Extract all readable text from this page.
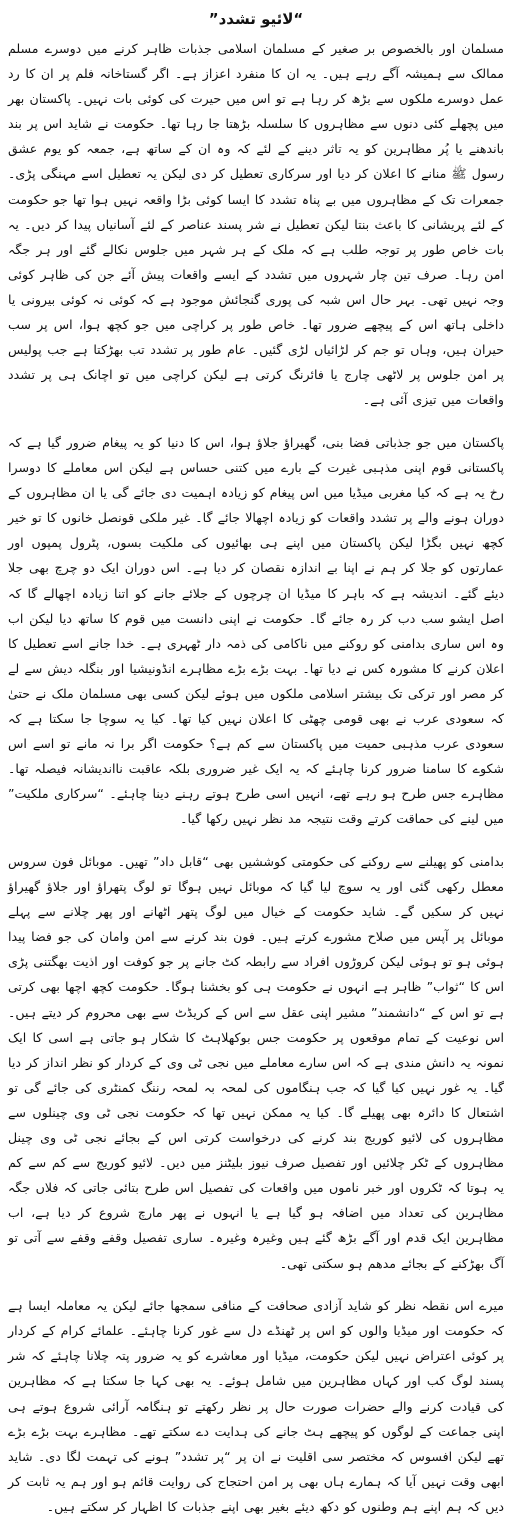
“لائیو تشدد”

مسلمان اور بالخصوص بر صغیر کے مسلمان اسلامی جذبات ظاہر کرنے میں دوسرے مسلم ممالک سے ہمیشہ آگے رہے ہیں۔ یہ ان کا منفرد اعزاز ہے۔ اگر گستاخانہ فلم پر ان کا رد عمل دوسرے ملکوں سے بڑھ کر رہا ہے تو اس میں حیرت کی کوئی بات نہیں۔ پاکستان بھر میں پچھلے کئی دنوں سے مظاہروں کا سلسلہ بڑھتا جا رہا تھا۔ حکومت نے شاید اس پر بند باندھنے یا پُر مظاہرین کو یہ تاثر دینے کے لئے کہ وہ ان کے ساتھ ہے، جمعہ کو یوم عشق رسول ﷺ منانے کا اعلان کر دیا اور سرکاری تعطیل کر دی لیکن یہ تعطیل اسے مہنگی پڑی۔ جمعرات تک کے مظاہروں میں بے پناہ تشدد کا ایسا کوئی بڑا واقعہ نہیں ہوا تھا جو حکومت کے لئے پریشانی کا باعث بنتا لیکن تعطیل نے شر پسند عناصر کے لئے آسانیاں پیدا کر دیں۔ یہ بات خاص طور پر توجہ طلب ہے کہ ملک کے ہر شہر میں جلوس نکالے گئے اور ہر جگہ امن رہا۔ صرف تین چار شہروں میں تشدد کے ایسے واقعات پیش آئے جن کی ظاہر کوئی وجہ نہیں تھی۔ بہر حال اس شبہ کی پوری گنجائش موجود ہے کہ کوئی نہ کوئی بیرونی یا داخلی ہاتھ اس کے پیچھے ضرور تھا۔ خاص طور پر کراچی میں جو کچھ ہوا، اس پر سب حیران ہیں، وہاں تو جم کر لڑائیاں لڑی گئیں۔ عام طور پر تشدد تب بھڑکتا ہے جب پولیس پر امن جلوس پر لاٹھی چارج یا فائرنگ کرتی ہے لیکن کراچی میں تو اچانک ہی پر تشدد واقعات میں تیزی آئی ہے۔

پاکستان میں جو جذباتی فضا بنی، گھیراؤ جلاؤ ہوا، اس کا دنیا کو یہ پیغام ضرور گیا ہے کہ پاکستانی قوم اپنی مذہبی غیرت کے بارے میں کتنی حساس ہے لیکن اس معاملے کا دوسرا رخ یہ ہے کہ کیا مغربی میڈیا میں اس پیغام کو زیادہ اہمیت دی جائے گی یا ان مظاہروں کے دوران ہونے والے پر تشدد واقعات کو زیادہ اچھالا جائے گا۔ غیر ملکی قونصل خانوں کا تو خیر کچھ نہیں بگڑا لیکن پاکستان میں اپنے ہی بھائیوں کی ملکیت بسوں، پٹرول پمپوں اور عمارتوں کو جلا کر ہم نے اپنا بے اندازہ نقصان کر دیا ہے۔ اس دوران ایک دو چرچ بھی جلا دیئے گئے۔ اندیشہ ہے کہ باہر کا میڈیا ان چرچوں کے جلائے جانے کو اتنا زیادہ اچھالے گا کہ اصل ایشو سب دب کر رہ جائے گا۔ حکومت نے اپنی دانست میں قوم کا ساتھ دیا لیکن اب وہ اس ساری بدامنی کو روکنے میں ناکامی کی ذمہ دار ٹھہری ہے۔ خدا جانے اسے تعطیل کا اعلان کرنے کا مشورہ کس نے دیا تھا۔ بہت بڑے بڑے مظاہرے انڈونیشیا اور بنگلہ دیش سے لے کر مصر اور ترکی تک بیشتر اسلامی ملکوں میں ہوئے لیکن کسی بھی مسلمان ملک نے حتیٰ کہ سعودی عرب نے بھی قومی چھٹی کا اعلان نہیں کیا تھا۔ کیا یہ سوچا جا سکتا ہے کہ سعودی عرب مذہبی حمیت میں پاکستان سے کم ہے؟ حکومت اگر برا نہ مانے تو اسے اس شکوے کا سامنا ضرور کرنا چاہئے کہ یہ ایک غیر ضروری بلکہ عاقبت نااندیشانہ فیصلہ تھا۔ مظاہرے جس طرح ہو رہے تھے، انہیں اسی طرح ہوتے رہنے دینا چاہئے۔ “سرکاری ملکیت” میں لینے کی حماقت کرتے وقت نتیجہ مد نظر نہیں رکھا گیا۔

بدامنی کو پھیلنے سے روکنے کی حکومتی کوششیں بھی “قابل داد” تھیں۔ موبائل فون سروس معطل رکھی گئی اور یہ سوچ لیا گیا کہ موبائل نہیں ہوگا تو لوگ پتھراؤ اور جلاؤ گھیراؤ نہیں کر سکیں گے۔ شاید حکومت کے خیال میں لوگ پتھر اٹھانے اور پھر چلانے سے پہلے موبائل پر آپس میں صلاح مشورے کرتے ہیں۔ فون بند کرنے سے امن وامان کی جو فضا پیدا ہوئی ہو تو ہوئی لیکن کروڑوں افراد سے رابطہ کٹ جانے پر جو کوفت اور اذیت بھگتنی پڑی اس کا “ثواب” ظاہر ہے انہوں نے حکومت ہی کو بخشنا ہوگا۔ حکومت کچھ اچھا بھی کرتی ہے تو اس کے “دانشمند” مشیر اپنی عقل سے اس کے کریڈٹ سے بھی محروم کر دیتے ہیں۔ اس نوعیت کے تمام موقعوں پر حکومت جس بوکھلاہٹ کا شکار ہو جاتی ہے اسی کا ایک نمونہ یہ دانش مندی ہے کہ اس سارے معاملے میں نجی ٹی وی کے کردار کو نظر انداز کر دیا گیا۔ یہ غور نہیں کیا گیا کہ جب ہنگاموں کی لمحہ بہ لمحہ رننگ کمنٹری کی جائے گی تو اشتعال کا دائرہ بھی پھیلے گا۔ کیا یہ ممکن نہیں تھا کہ حکومت نجی ٹی وی چینلوں سے مظاہروں کی لائیو کوریج بند کرنے کی درخواست کرتی اس کے بجائے نجی ٹی وی چینل مظاہروں کے ٹکر چلائیں اور تفصیل صرف نیوز بلیٹنز میں دیں۔ لائیو کوریج سے کم سے کم یہ ہوتا کہ ٹکروں اور خبر ناموں میں واقعات کی تفصیل اس طرح بتائی جاتی کہ فلاں جگہ مظاہرین کی تعداد میں اضافہ ہو گیا ہے یا انہوں نے پھر مارچ شروع کر دیا ہے، اب مظاہرین ایک قدم اور آگے بڑھ گئے ہیں وغیرہ وغیرہ۔ ساری تفصیل وقفے وقفے سے آتی تو آگ بھڑکنے کے بجائے مدھم ہو سکتی تھی۔

میرے اس نقطہ نظر کو شاید آزادی صحافت کے منافی سمجھا جائے لیکن یہ معاملہ ایسا ہے کہ حکومت اور میڈیا والوں کو اس پر ٹھنڈے دل سے غور کرنا چاہئے۔ علمائے کرام کے کردار پر کوئی اعتراض نہیں لیکن حکومت، میڈیا اور معاشرے کو یہ ضرور پتہ چلانا چاہئے کہ شر پسند لوگ کب اور کہاں مظاہرین میں شامل ہوئے۔ یہ بھی کہا جا سکتا ہے کہ مظاہرین کی قیادت کرنے والے حضرات صورت حال پر نظر رکھتے تو ہنگامہ آرائی شروع ہوتے ہی اپنی جماعت کے لوگوں کو پیچھے ہٹ جانے کی ہدایت دے سکتے تھے۔ مظاہرے بہت بڑے بڑے تھے لیکن افسوس کہ مختصر سی اقلیت نے ان پر “پر تشدد” ہونے کی تہمت لگا دی۔ شاید ابھی وقت نہیں آیا کہ ہمارے ہاں بھی پر امن احتجاج کی روایت قائم ہو اور ہم یہ ثابت کر دیں کہ ہم اپنے ہم وطنوں کو دکھ دیئے بغیر بھی اپنے جذبات کا اظہار کر سکتے ہیں۔
